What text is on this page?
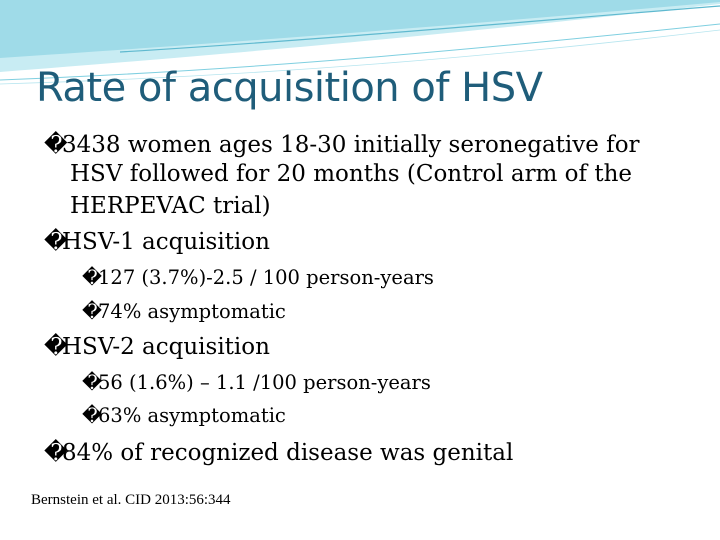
Rate of acquisition of HSV
�3438 women ages 18-30 initially seronegative for
HSV followed for 20 months (Control arm of the
HERPEVAC trial)
�HSV-1 acquisition
�127 (3.7%)-2.5 / 100 person-years
�74% asymptomatic
�HSV-2 acquisition
�56 (1.6%) – 1.1 /100 person-years
�63% asymptomatic
�84% of recognized disease was genital
Bernstein et al. CID 2013:56:344
